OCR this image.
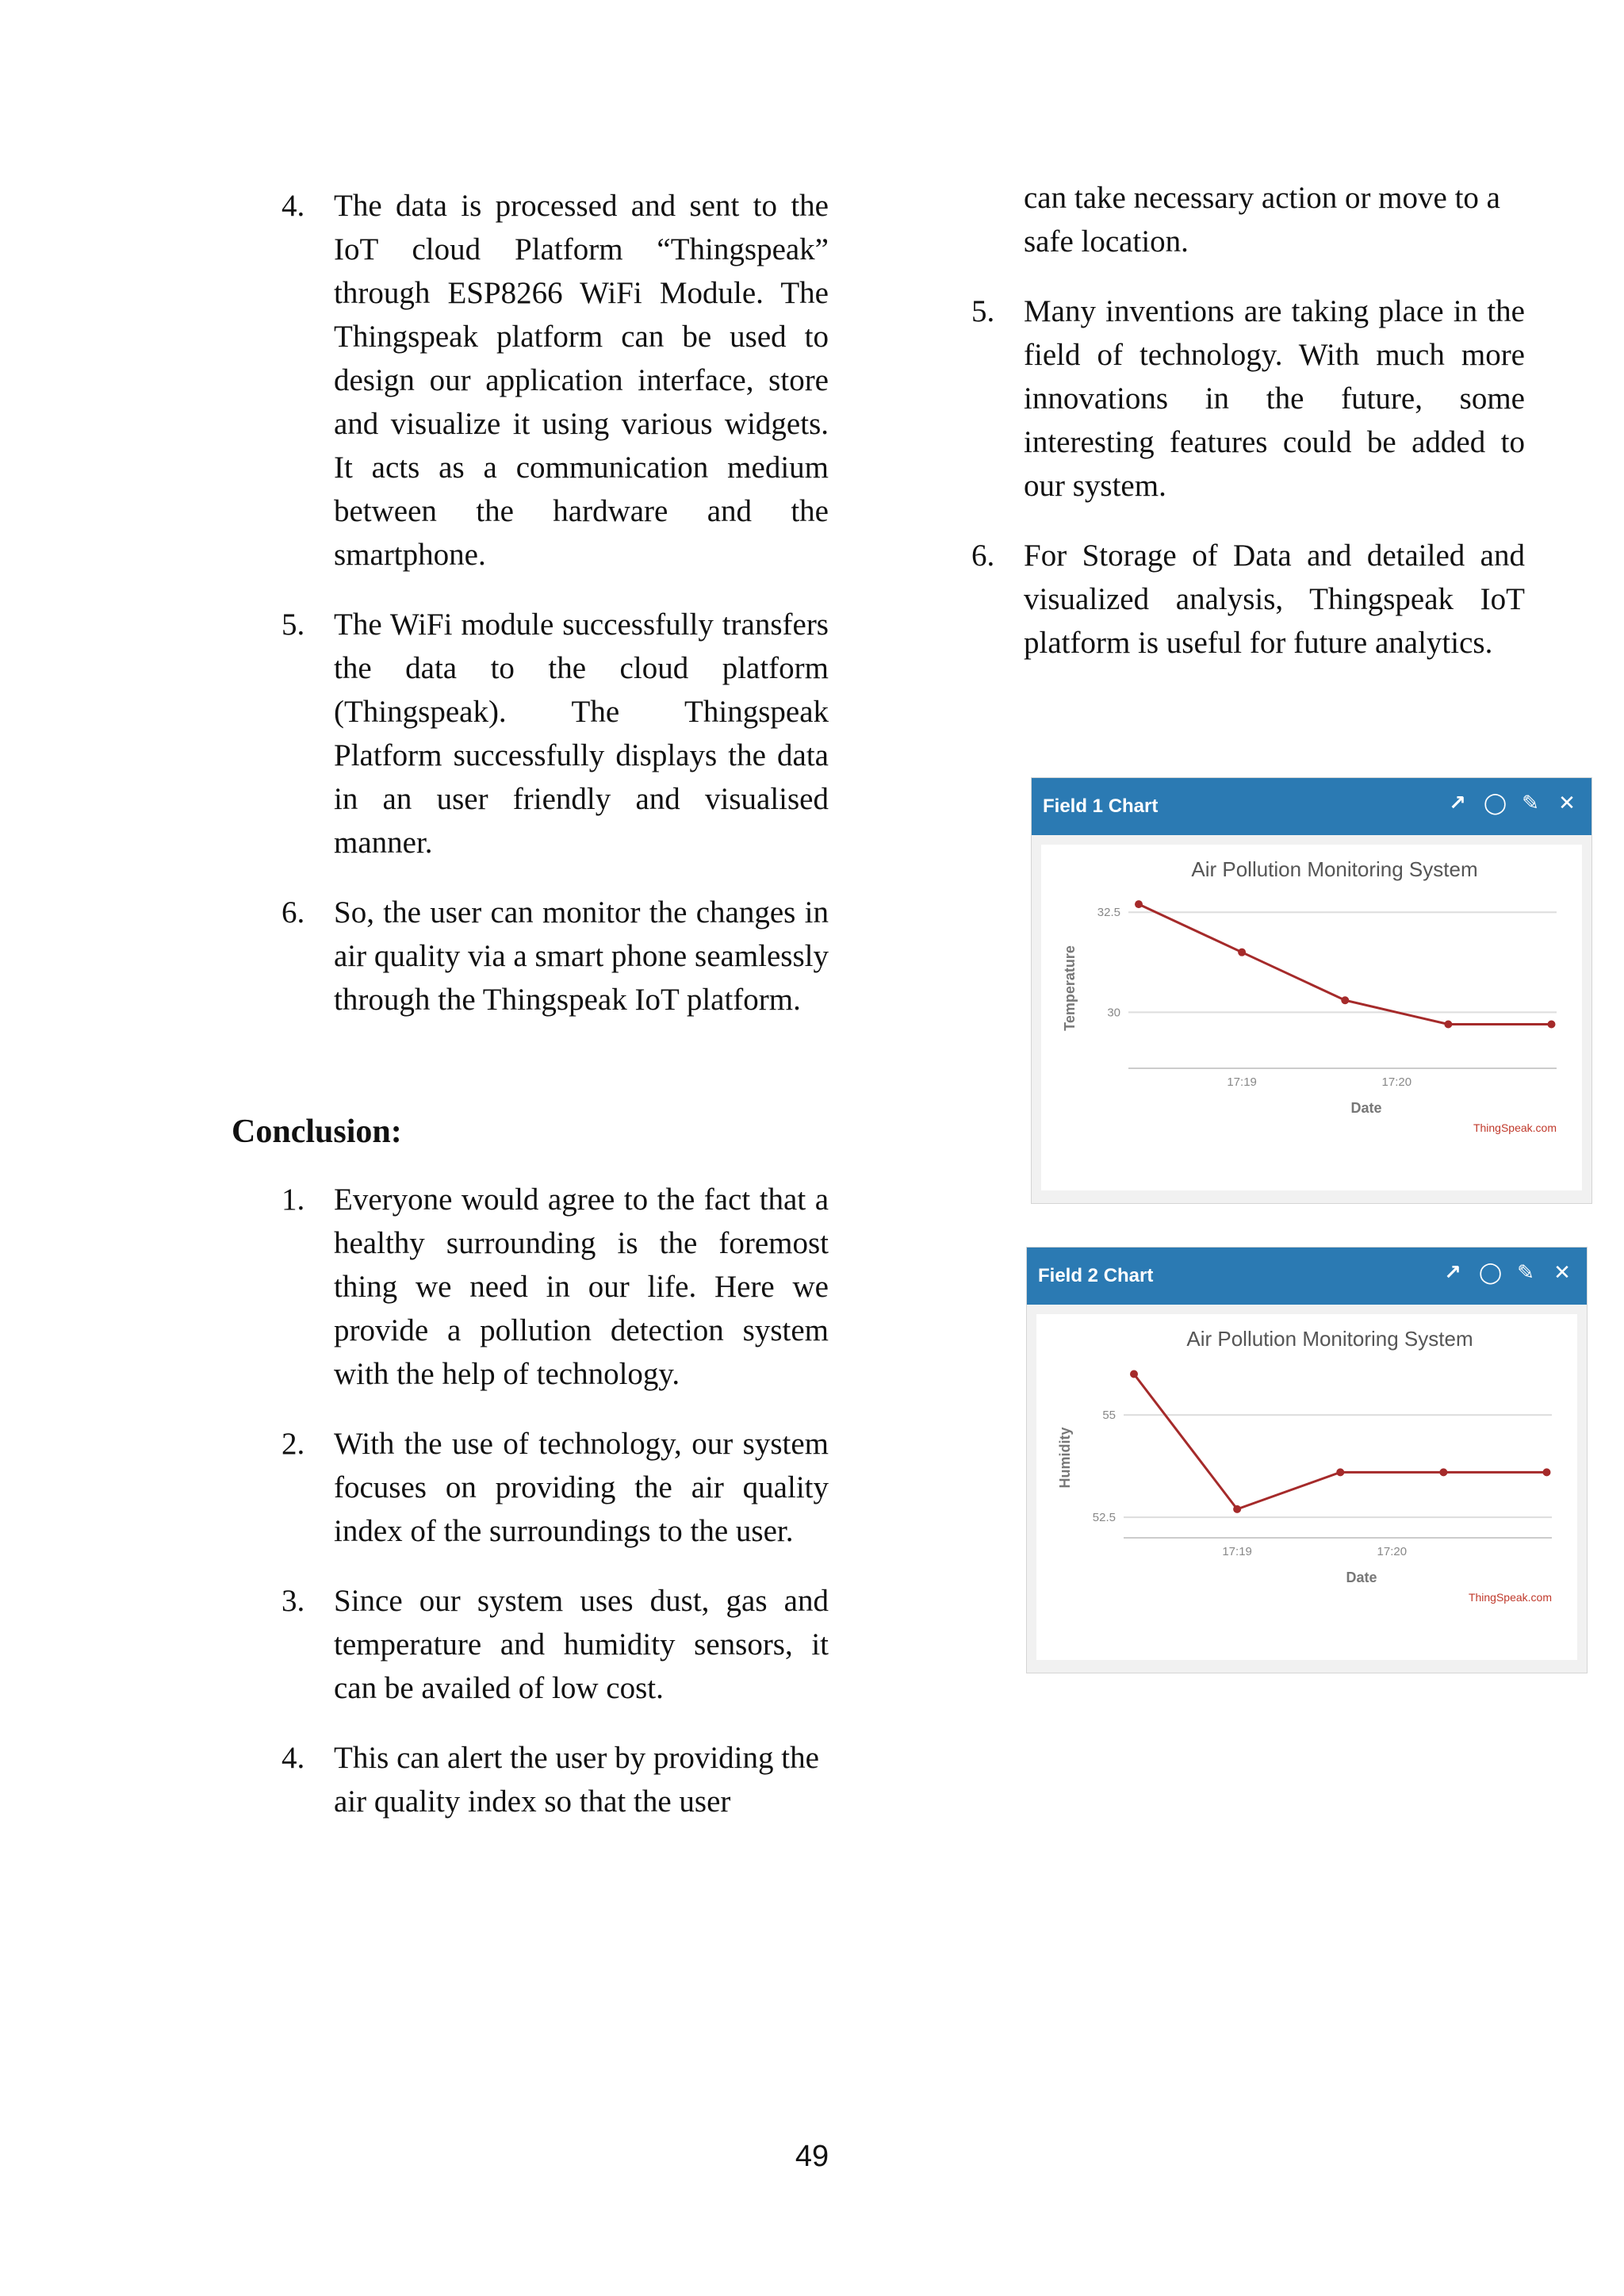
4. The data is processed and sent to the IoT cloud Platform “Thingspeak” through ESP8266 WiFi Module. The Thingspeak platform can be used to design our application interface, store and visualize it using various widgets. It acts as a communication medium between the hardware and the smartphone.
5. The WiFi module successfully transfers the data to the cloud platform (Thingspeak). The Thingspeak Platform successfully displays the data in an user friendly and visualised manner.
6. So, the user can monitor the changes in air quality via a smart phone seamlessly through the Thingspeak IoT platform.
Conclusion:
1. Everyone would agree to the fact that a healthy surrounding is the foremost thing we need in our life. Here we provide a pollution detection system with the help of technology.
2. With the use of technology, our system focuses on providing the air quality index of the surroundings to the user.
3. Since our system uses dust, gas and temperature and humidity sensors, it can be availed of low cost.
4. This can alert the user by providing the air quality index so that the user
can take necessary action or move to a safe location.
5. Many inventions are taking place in the field of technology. With much more innovations in the future, some interesting features could be added to our system.
6. For Storage of Data and detailed and visualized analysis, Thingspeak IoT platform is useful for future analytics.
Field 1 Chart	↗ ◯ ✎ ✕
Air Pollution Monitoring System
32.5
30
17:19	17:20
Date
Temperature
ThingSpeak.com
Field 2 Chart	↗ ◯ ✎ ✕
Air Pollution Monitoring System
55
52.5
17:19	17:20
Date
Humidity
ThingSpeak.com
49
